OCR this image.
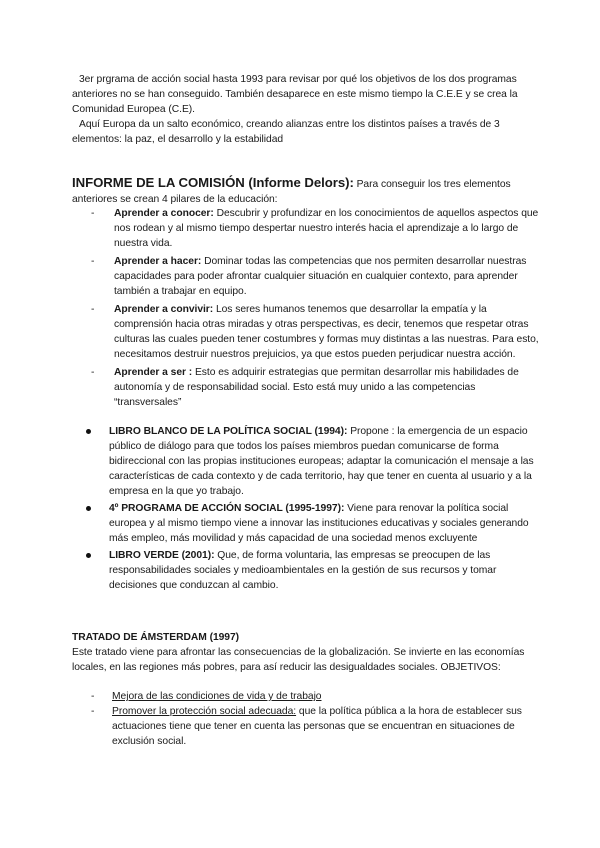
3er prgrama de acción social hasta 1993 para revisar por qué los objetivos de los dos programas anteriores no se han conseguido. También desaparece en este mismo tiempo la C.E.E y se crea la Comunidad Europea (C.E).

Aquí Europa da un salto económico, creando alianzas entre los distintos países a través de 3 elementos: la paz, el desarrollo y la estabilidad

INFORME DE LA COMISIÓN (Informe Delors): Para conseguir los tres elementos anteriores se crean 4 pilares de la educación:

- Aprender a conocer: Descubrir y profundizar en los conocimientos de aquellos aspectos que nos rodean y al mismo tiempo despertar nuestro interés hacia el aprendizaje a lo largo de nuestra vida.
- Aprender a hacer: Dominar todas las competencias que nos permiten desarrollar nuestras capacidades para poder afrontar cualquier situación en cualquier contexto, para aprender también a trabajar en equipo.
- Aprender a convivir: Los seres humanos tenemos que desarrollar la empatía y la comprensión hacia otras miradas y otras perspectivas, es decir, tenemos que respetar otras culturas las cuales pueden tener costumbres y formas muy distintas a las nuestras. Para esto, necesitamos destruir nuestros prejuicios, ya que estos pueden perjudicar nuestra acción.
- Aprender a ser : Esto es adquirir estrategias que permitan desarrollar mis habilidades de autonomía y de responsabilidad social. Esto está muy unido a las competencias “transversales”
LIBRO BLANCO DE LA POLÍTICA SOCIAL (1994): Propone : la emergencia de un espacio público de diálogo para que todos los países miembros puedan comunicarse de forma bidireccional con las propias instituciones europeas; adaptar la comunicación el mensaje a las características de cada contexto y de cada territorio, hay que tener en cuenta al usuario y a la empresa en la que yo trabajo.
4º PROGRAMA DE ACCIÓN SOCIAL (1995-1997): Viene para renovar la política social europea y al mismo tiempo viene a innovar las instituciones educativas y sociales generando más empleo, más movilidad y más capacidad de una sociedad menos excluyente
LIBRO VERDE (2001): Que, de forma voluntaria, las empresas se preocupen de las responsabilidades sociales y medioambientales en la gestión de sus recursos y tomar decisiones que conduzcan al cambio.

TRATADO DE ÁMSTERDAM (1997)

Este tratado viene para afrontar las consecuencias de la globalización. Se invierte en las economías locales, en las regiones más pobres, para así reducir las desigualdades sociales. OBJETIVOS:

- Mejora de las condiciones de vida y de trabajo
- Promover la protección social adecuada: que la política pública a la hora de establecer sus actuaciones tiene que tener en cuenta las personas que se encuentran en situaciones de exclusión social.
